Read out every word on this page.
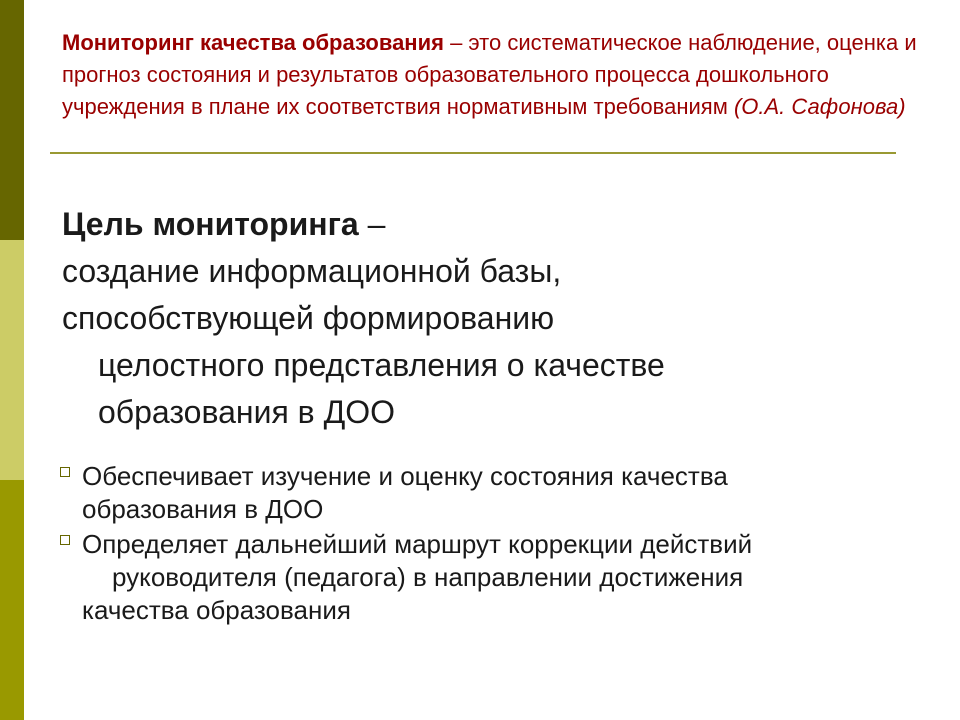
Мониторинг качества образования – это систематическое наблюдение, оценка и прогноз состояния и результатов образовательного процесса дошкольного учреждения в плане их соответствия нормативным требованиям (О.А. Сафонова)
Цель мониторинга –
создание информационной базы,
способствующей формированию
целостного представления о качестве
образования в ДОО
Обеспечивает изучение и оценку состояния качества
образования в ДОО
Определяет дальнейший маршрут коррекции действий
руководителя (педагога) в направлении достижения
качества образования
